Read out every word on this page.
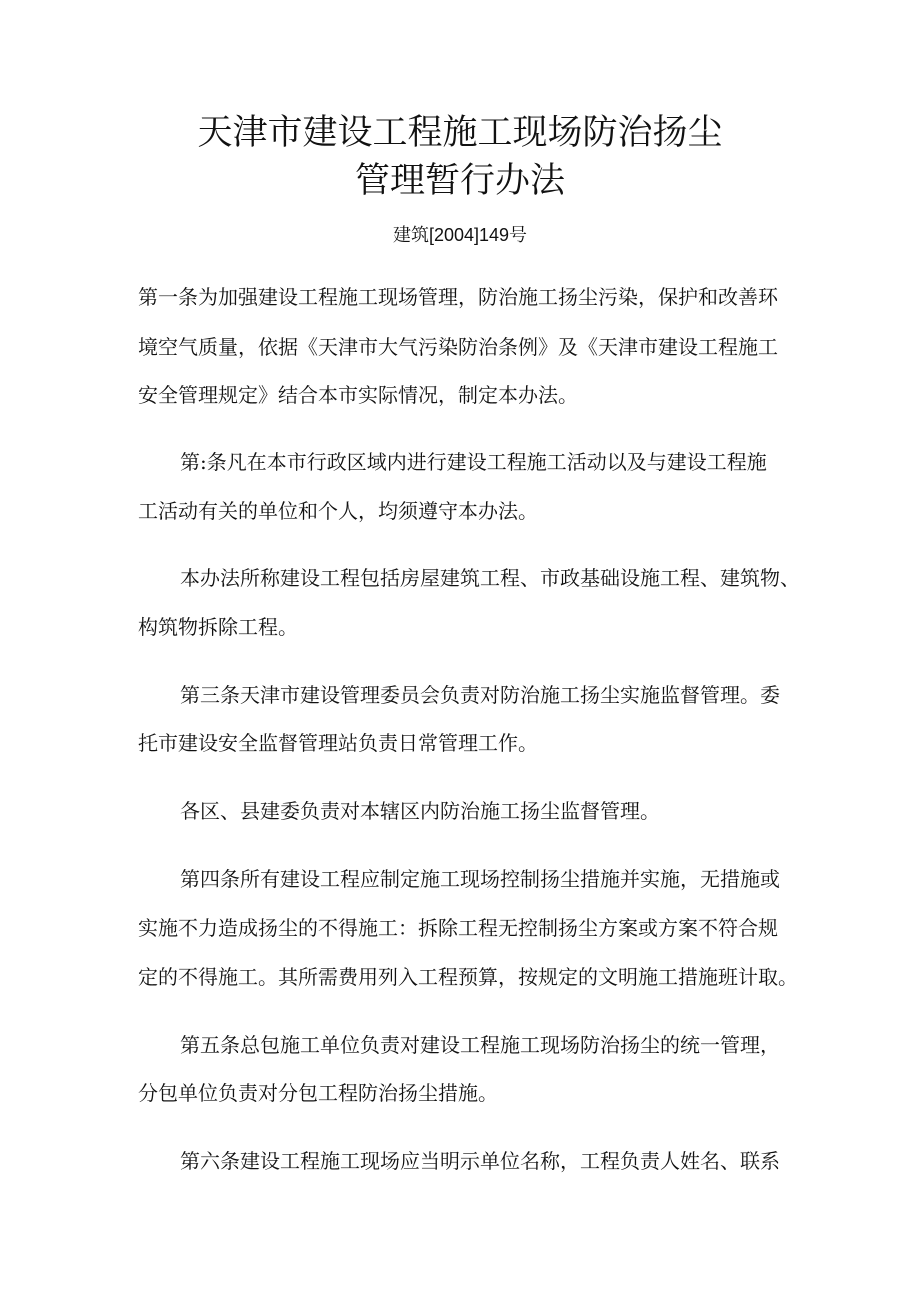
天津市建设工程施工现场防治扬尘
管理暂行办法
建筑[2004]149号
第一条为加强建设工程施工现场管理，防治施工扬尘污染，保护和改善环
境空气质量，依据《天津市大气污染防治条例》及《天津市建设工程施工
安全管理规定》结合本市实际情况，制定本办法。
第:条凡在本市行政区域内进行建设工程施工活动以及与建设工程施
工活动有关的单位和个人，均须遵守本办法。
本办法所称建设工程包括房屋建筑工程、市政基础设施工程、建筑物、
构筑物拆除工程。
第三条天津市建设管理委员会负责对防治施工扬尘实施监督管理。委
托市建设安全监督管理站负责日常管理工作。
各区、县建委负责对本辖区内防治施工扬尘监督管理。
第四条所有建设工程应制定施工现场控制扬尘措施并实施，无措施或
实施不力造成扬尘的不得施工：拆除工程无控制扬尘方案或方案不符合规
定的不得施工。其所需费用列入工程预算，按规定的文明施工措施班计取。
第五条总包施工单位负责对建设工程施工现场防治扬尘的统一管理，
分包单位负责对分包工程防治扬尘措施。
第六条建设工程施工现场应当明示单位名称，工程负责人姓名、联系
